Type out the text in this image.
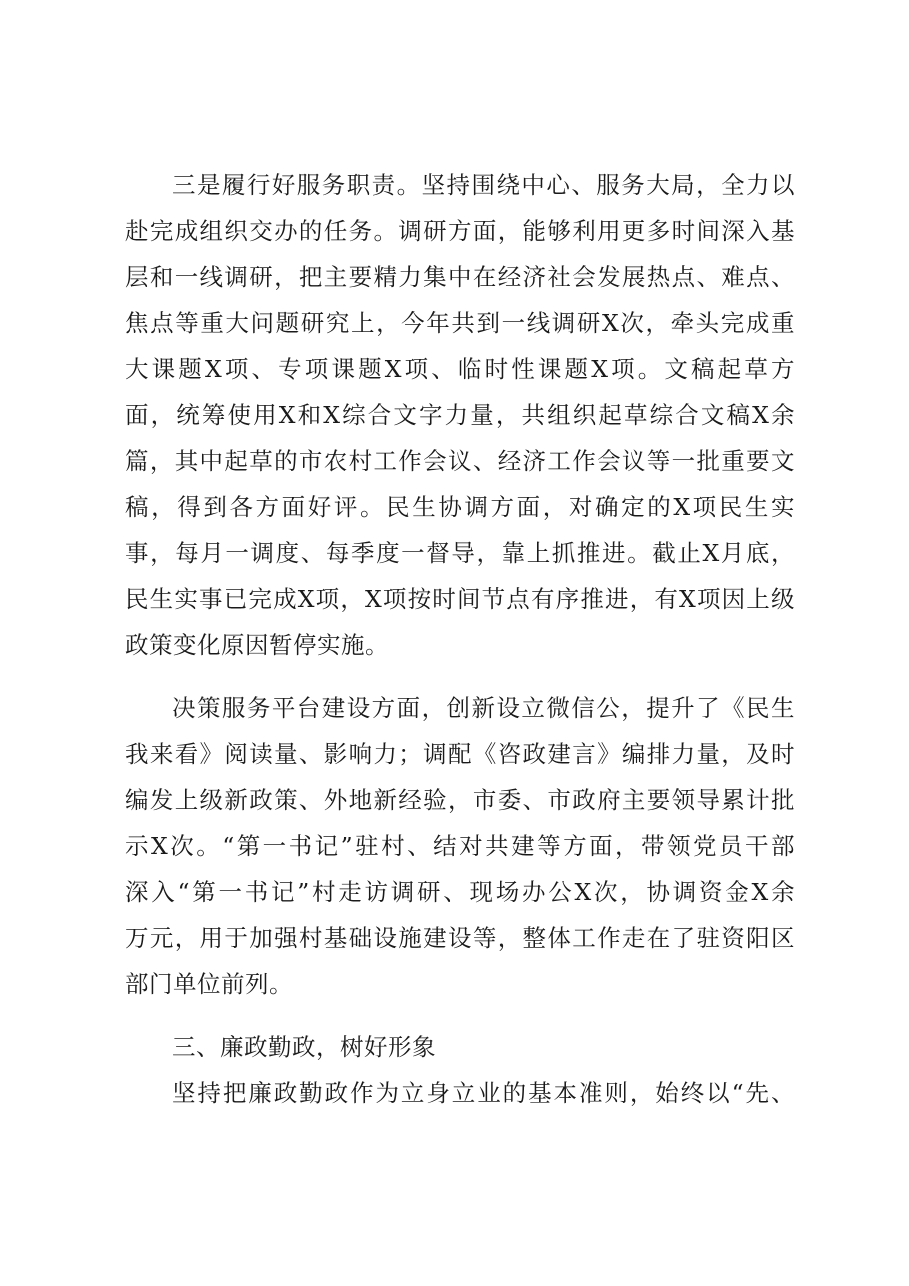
三是履行好服务职责。坚持围绕中心、服务大局，全力以
赴完成组织交办的任务。调研方面，能够利用更多时间深入基
层和一线调研，把主要精力集中在经济社会发展热点、难点、
焦点等重大问题研究上，今年共到一线调研X次，牵头完成重
大课题X项、专项课题X项、临时性课题X项。文稿起草方
面，统筹使用X和X综合文字力量，共组织起草综合文稿X余
篇，其中起草的市农村工作会议、经济工作会议等一批重要文
稿，得到各方面好评。民生协调方面，对确定的X项民生实
事，每月一调度、每季度一督导，靠上抓推进。截止X月底，
民生实事已完成X项，X项按时间节点有序推进，有X项因上级
政策变化原因暂停实施。
决策服务平台建设方面，创新设立微信公，提升了《民生
我来看》阅读量、影响力；调配《咨政建言》编排力量，及时
编发上级新政策、外地新经验，市委、市政府主要领导累计批
示X次。“第一书记”驻村、结对共建等方面，带领党员干部
深入“第一书记”村走访调研、现场办公X次，协调资金X余
万元，用于加强村基础设施建设等，整体工作走在了驻资阳区
部门单位前列。
三、廉政勤政，树好形象
坚持把廉政勤政作为立身立业的基本准则，始终以“先、
